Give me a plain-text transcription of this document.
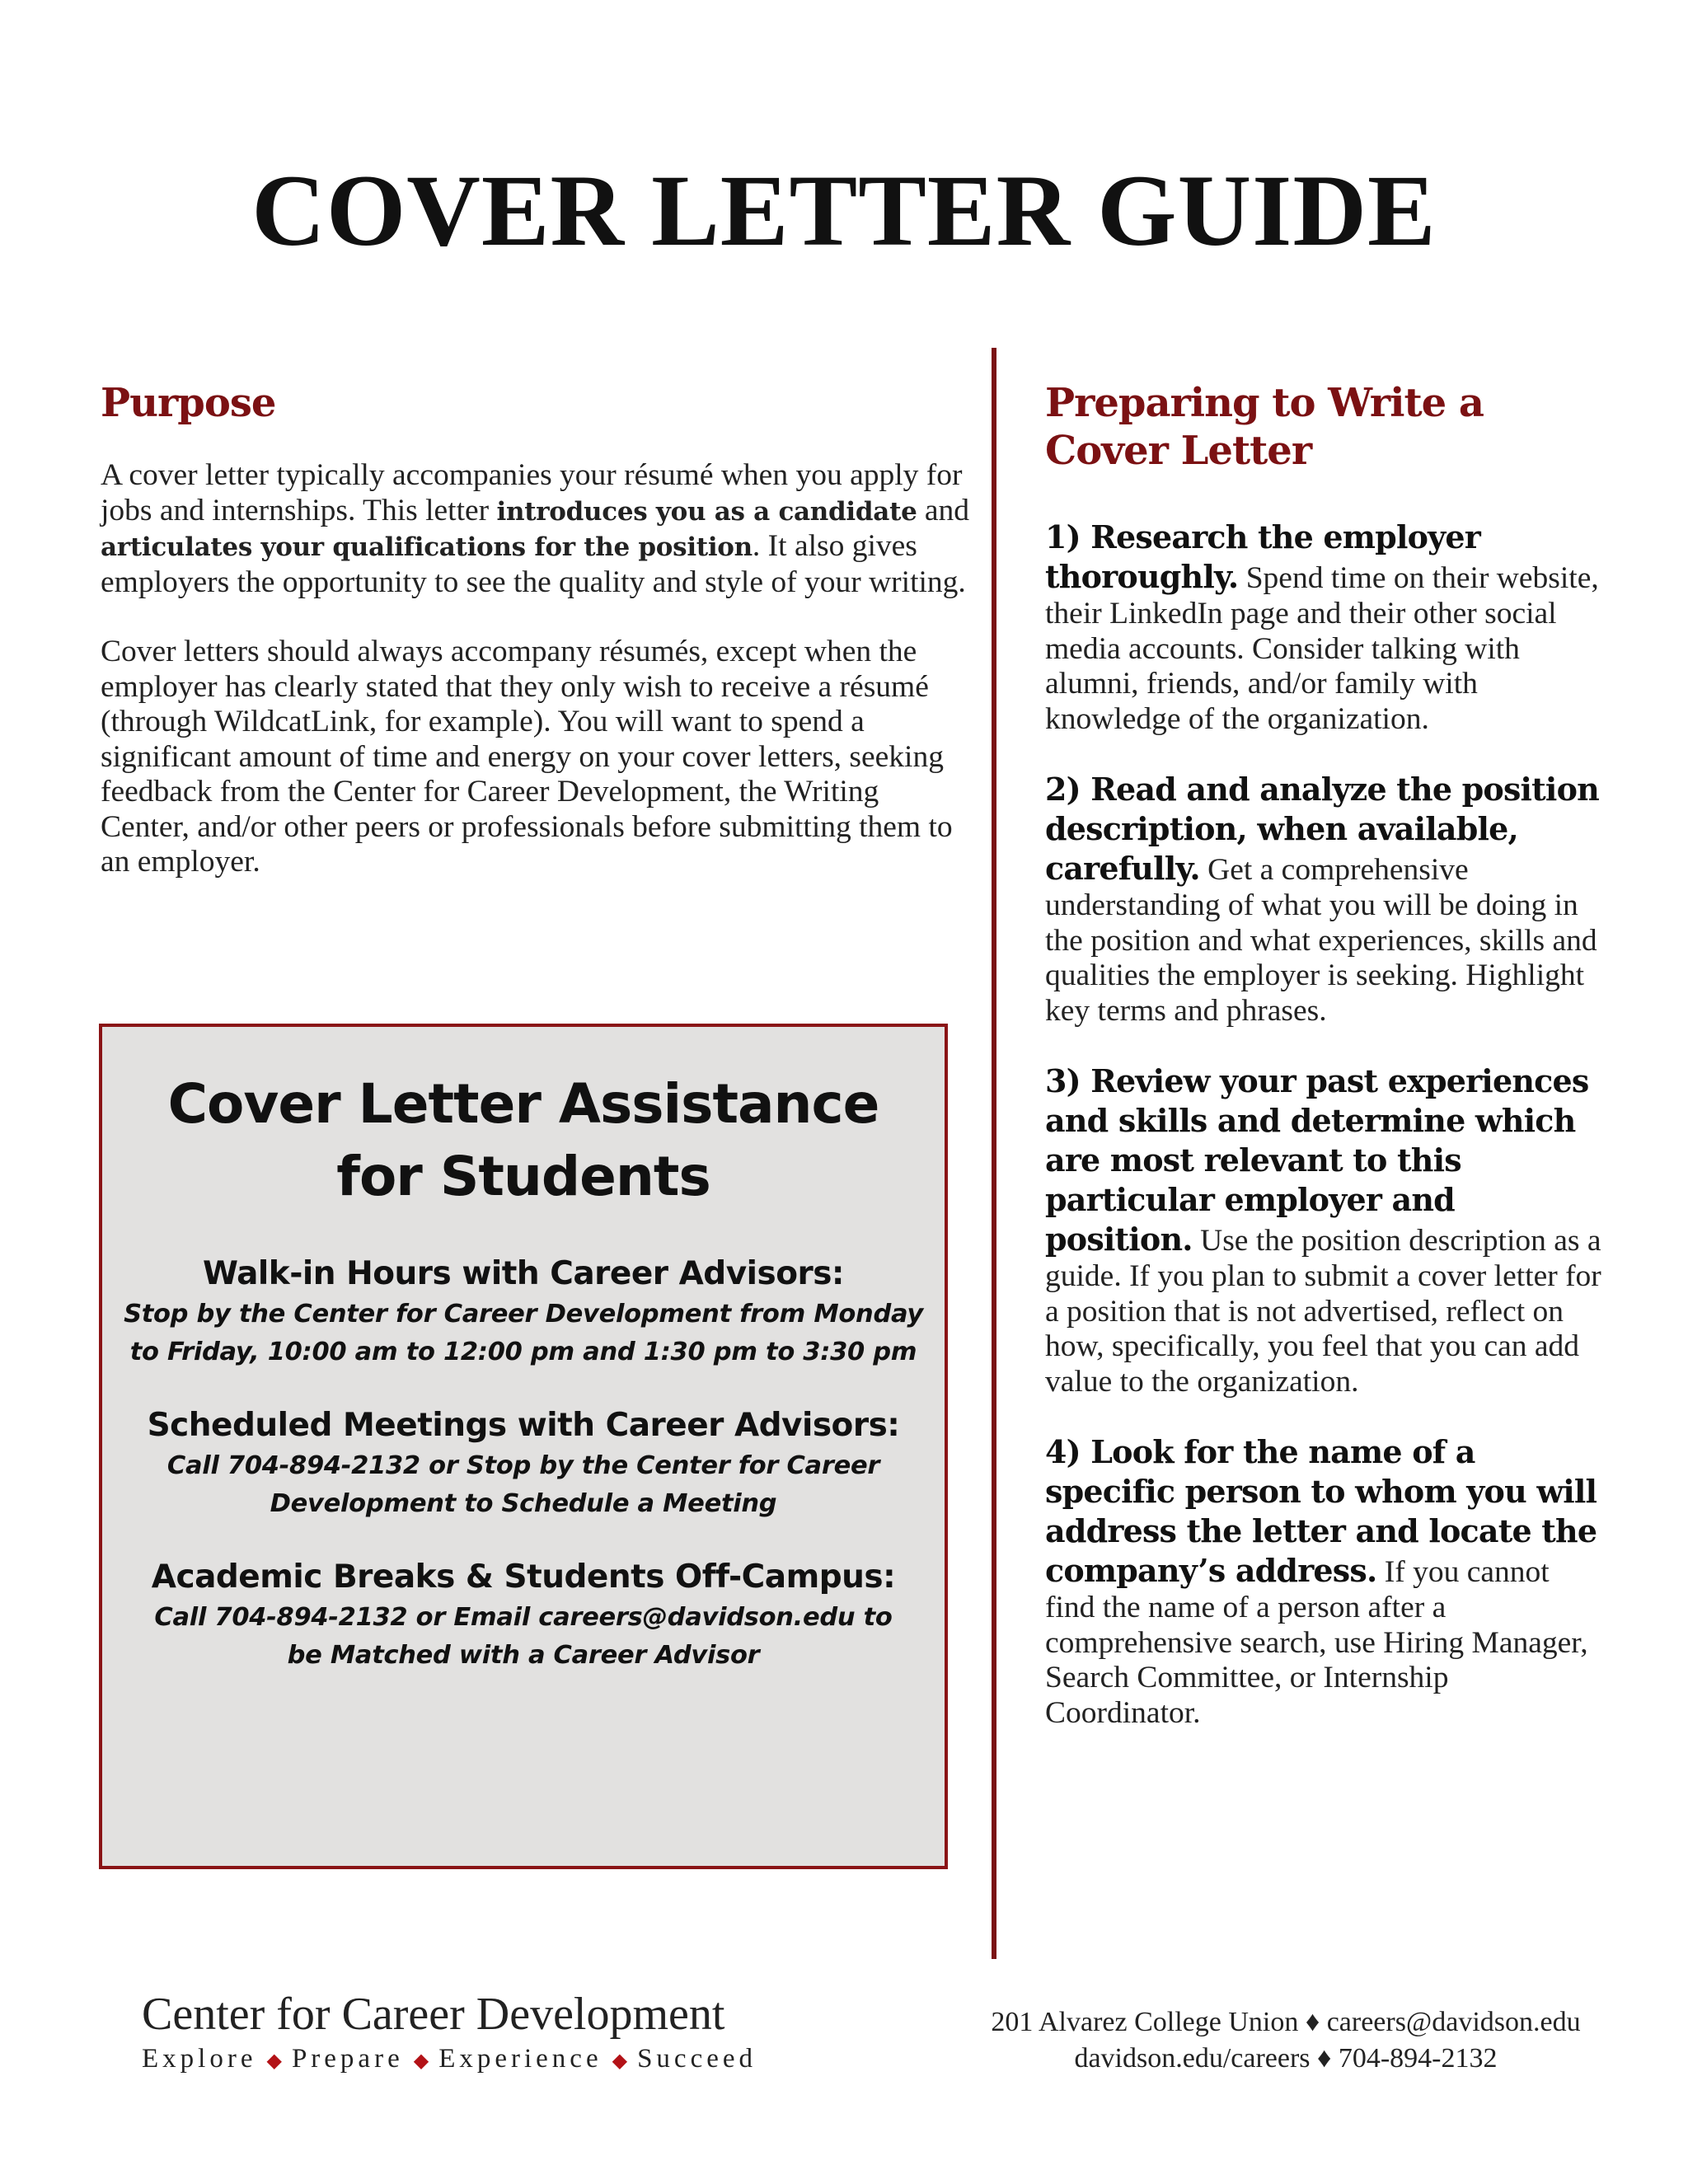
COVER LETTER GUIDE
Purpose

A cover letter typically accompanies your résumé when you apply for jobs and internships. This letter introduces you as a candidate and articulates your qualifications for the position. It also gives employers the opportunity to see the quality and style of your writing.

Cover letters should always accompany résumés, except when the employer has clearly stated that they only wish to receive a résumé (through WildcatLink, for example). You will want to spend a significant amount of time and energy on your cover letters, seeking feedback from the Center for Career Development, the Writing Center, and/or other peers or professionals before submitting them to an employer.

Cover Letter Assistance
for Students
Walk-in Hours with Career Advisors:
Stop by the Center for Career Development from Monday
to Friday, 10:00 am to 12:00 pm and 1:30 pm to 3:30 pm
Scheduled Meetings with Career Advisors:
Call 704-894-2132 or Stop by the Center for Career
Development to Schedule a Meeting
Academic Breaks & Students Off-Campus:
Call 704-894-2132 or Email careers@davidson.edu to
be Matched with a Career Advisor
Preparing to Write a
Cover Letter

1) Research the employer thoroughly. Spend time on their website, their LinkedIn page and their other social media accounts. Consider talking with alumni, friends, and/or family with knowledge of the organization.

2) Read and analyze the position description, when available, carefully. Get a comprehensive understanding of what you will be doing in the position and what experiences, skills and qualities the employer is seeking. Highlight key terms and phrases.

3) Review your past experiences and skills and determine which are most relevant to this particular employer and position. Use the position description as a guide. If you plan to submit a cover letter for a position that is not advertised, reflect on how, specifically, you feel that you can add value to the organization.

4) Look for the name of a specific person to whom you will address the letter and locate the company’s address. If you cannot find the name of a person after a comprehensive search, use Hiring Manager, Search Committee, or Internship Coordinator.

Center for Career Development
Explore ◆ Prepare ◆ Experience ◆ Succeed
201 Alvarez College Union ♦ careers@davidson.edu
davidson.edu/careers ♦ 704-894-2132
